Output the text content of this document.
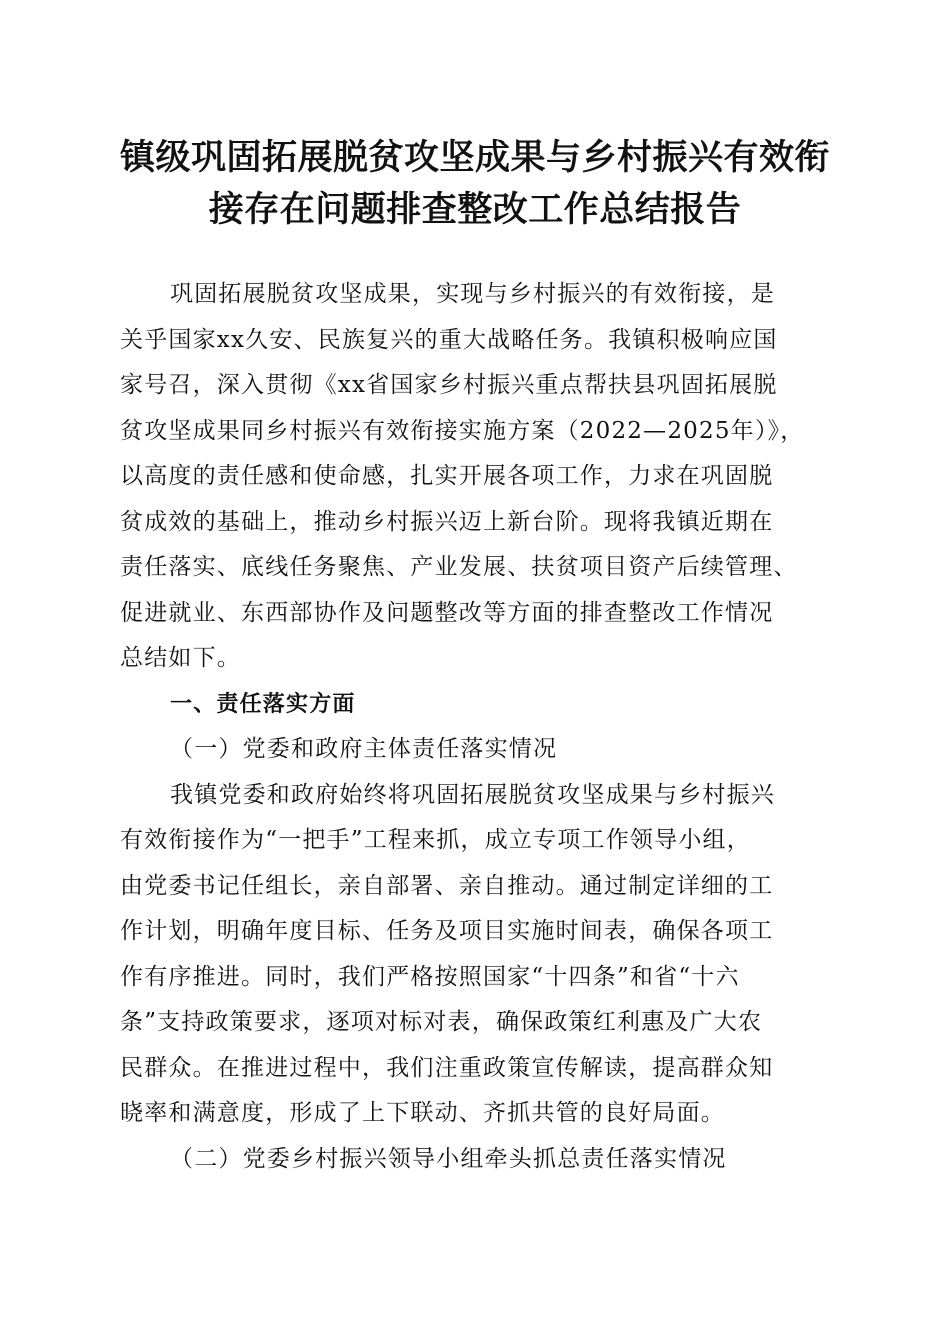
镇级巩固拓展脱贫攻坚成果与乡村振兴有效衔
接存在问题排查整改工作总结报告
巩固拓展脱贫攻坚成果，实现与乡村振兴的有效衔接，是
关乎国家xx久安、民族复兴的重大战略任务。我镇积极响应国
家号召，深入贯彻《xx省国家乡村振兴重点帮扶县巩固拓展脱
贫攻坚成果同乡村振兴有效衔接实施方案（2022—2025年）》，
以高度的责任感和使命感，扎实开展各项工作，力求在巩固脱
贫成效的基础上，推动乡村振兴迈上新台阶。现将我镇近期在
责任落实、底线任务聚焦、产业发展、扶贫项目资产后续管理、
促进就业、东西部协作及问题整改等方面的排查整改工作情况
总结如下。
一、责任落实方面
（一）党委和政府主体责任落实情况
我镇党委和政府始终将巩固拓展脱贫攻坚成果与乡村振兴
有效衔接作为“一把手”工程来抓，成立专项工作领导小组，
由党委书记任组长，亲自部署、亲自推动。通过制定详细的工
作计划，明确年度目标、任务及项目实施时间表，确保各项工
作有序推进。同时，我们严格按照国家“十四条”和省“十六
条”支持政策要求，逐项对标对表，确保政策红利惠及广大农
民群众。在推进过程中，我们注重政策宣传解读，提高群众知
晓率和满意度，形成了上下联动、齐抓共管的良好局面。
（二）党委乡村振兴领导小组牵头抓总责任落实情况
